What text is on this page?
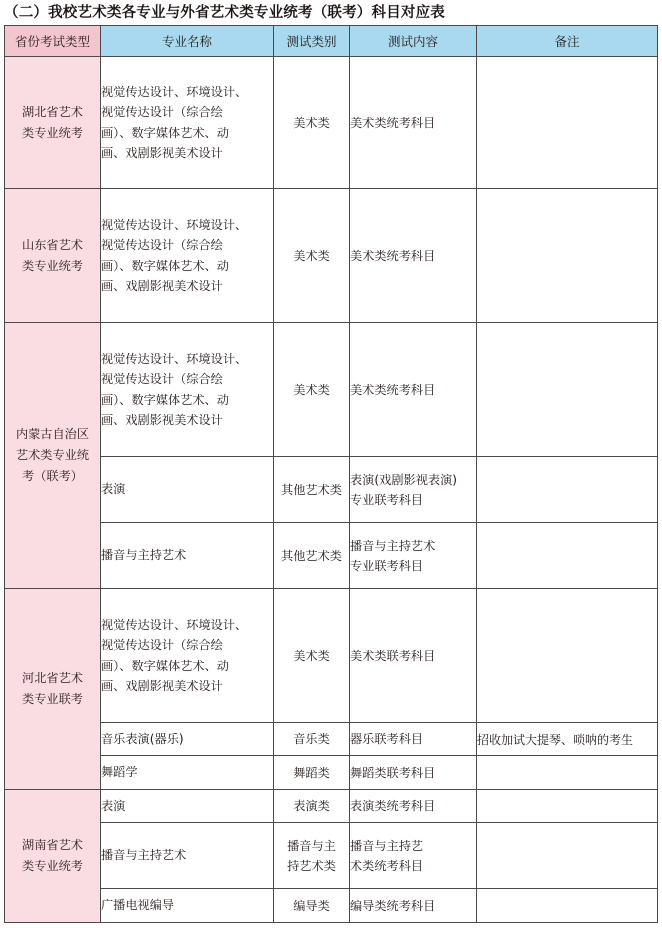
（二）我校艺术类各专业与外省艺术类专业统考（联考）科目对应表
省份考试类型	专业名称	测试类别	测试内容	备注
湖北省艺术
类专业统考	视觉传达设计、环境设计、
视觉传达设计（综合绘
画）、数字媒体艺术、动
画、戏剧影视美术设计	美术类	美术类统考科目	
山东省艺术
类专业统考	视觉传达设计、环境设计、
视觉传达设计（综合绘
画）、数字媒体艺术、动
画、戏剧影视美术设计	美术类	美术类统考科目	
内蒙古自治区
艺术类专业统
考（联考）	视觉传达设计、环境设计、
视觉传达设计（综合绘
画）、数字媒体艺术、动
画、戏剧影视美术设计	美术类	美术类统考科目	
	表演	其他艺术类	表演(戏剧影视表演)
专业联考科目	
	播音与主持艺术	其他艺术类	播音与主持艺术
专业联考科目	
河北省艺术
类专业联考	视觉传达设计、环境设计、
视觉传达设计（综合绘
画）、数字媒体艺术、动
画、戏剧影视美术设计	美术类	美术类联考科目	
	音乐表演(器乐)	音乐类	器乐联考科目	招收加试大提琴、唢呐的考生
	舞蹈学	舞蹈类	舞蹈类联考科目	
湖南省艺术
类专业统考	表演	表演类	表演类统考科目	
	播音与主持艺术	播音与主
持艺术类	播音与主持艺
术类统考科目	
	广播电视编导	编导类	编导类统考科目	
